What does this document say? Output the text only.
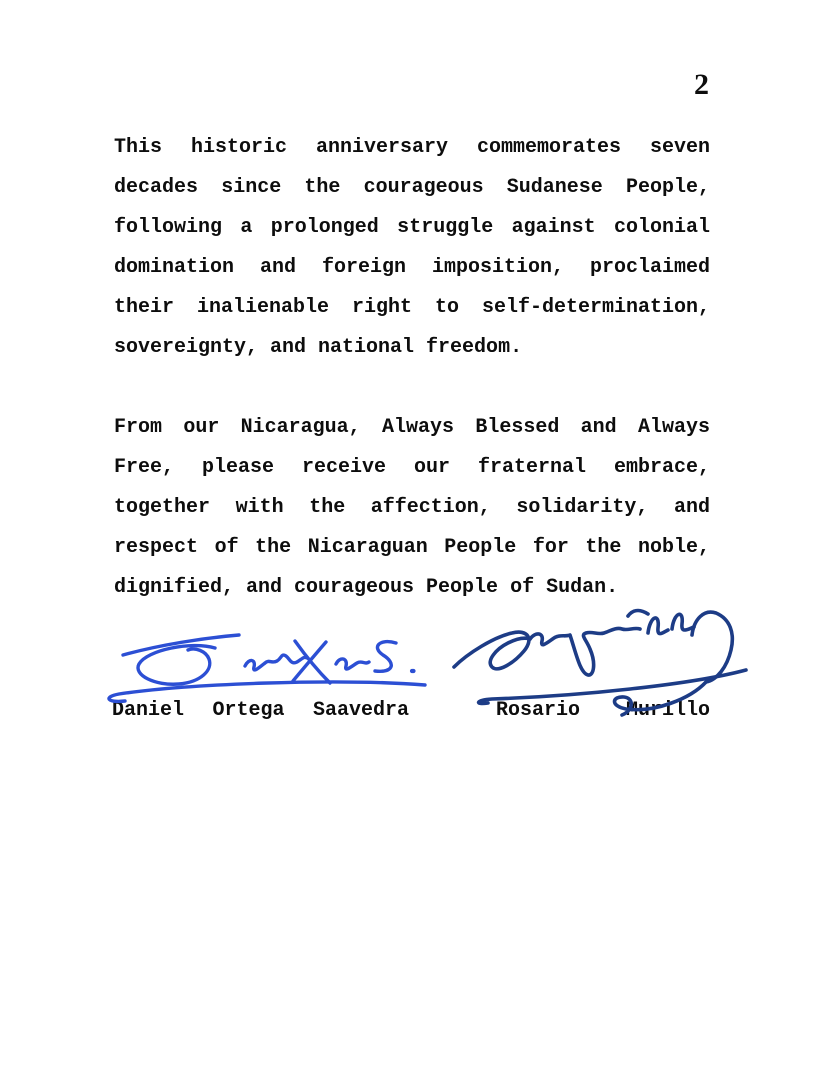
2
This historic anniversary commemorates seven
decades since the courageous Sudanese People,
following a prolonged struggle against colonial
domination and foreign imposition, proclaimed
their inalienable right to self-determination,
sovereignty, and national freedom.
From our Nicaragua, Always Blessed and Always
Free, please receive our fraternal embrace,
together with the affection, solidarity, and
respect of the Nicaraguan People for the noble,
dignified, and courageous People of Sudan.
Daniel Ortega Saavedra	Rosario Murillo
